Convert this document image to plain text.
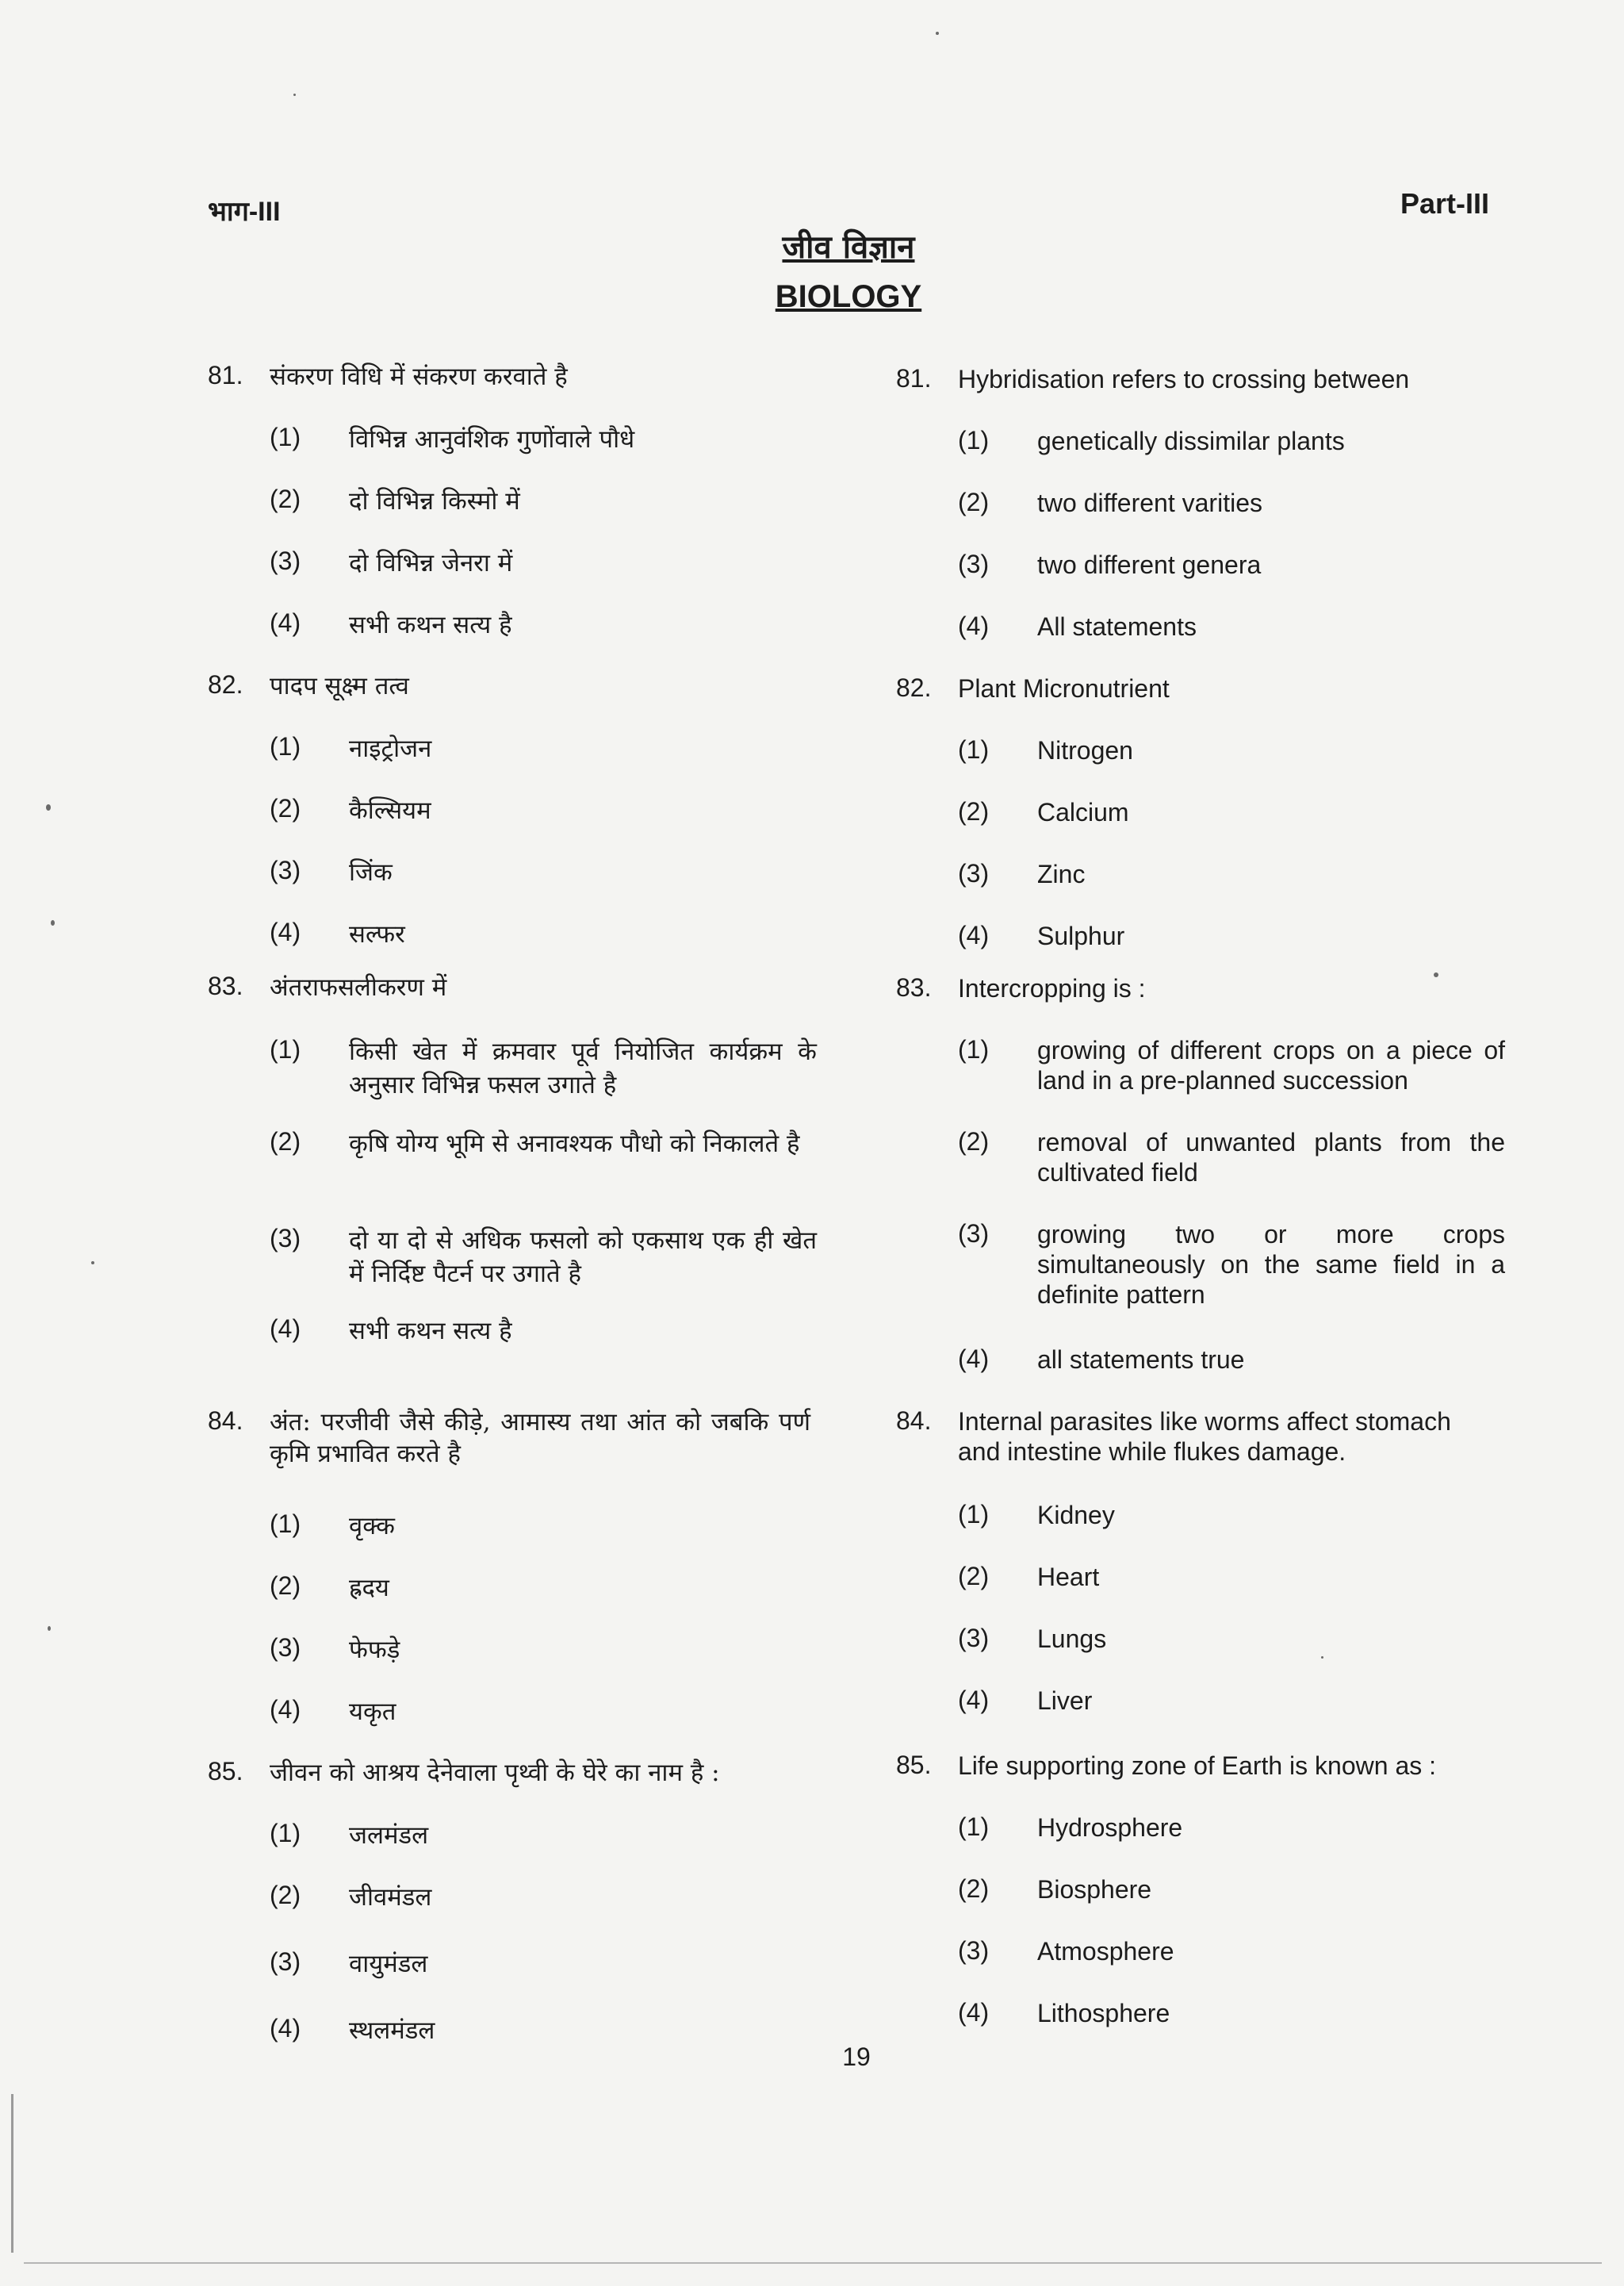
भाग-III	Part-III
जीव विज्ञान
BIOLOGY
81.	संकरण विधि में संकरण करवाते है
(1)	विभिन्न आनुवंशिक गुणोंवाले पौधे
(2)	दो विभिन्न किस्मो में
(3)	दो विभिन्न जेनरा में
(4)	सभी कथन सत्य है
82.	पादप सूक्ष्म तत्व
(1)	नाइट्रोजन
(2)	कैल्सियम
(3)	जिंक
(4)	सल्फर
83.	अंतराफसलीकरण में
(1)	किसी खेत में क्रमवार पूर्व नियोजित कार्यक्रम के अनुसार विभिन्न फसल उगाते है
(2)	कृषि योग्य भूमि से अनावश्यक पौधो को निकालते है
(3)	दो या दो से अधिक फसलो को एकसाथ एक ही खेत में निर्दिष्ट पैटर्न पर उगाते है
(4)	सभी कथन सत्य है
84.	अंत: परजीवी जैसे कीड़े, आमास्य तथा आंत को जबकि पर्ण कृमि प्रभावित करते है
(1)	वृक्क
(2)	ह्रदय
(3)	फेफड़े
(4)	यकृत
85.	जीवन को आश्रय देनेवाला पृथ्वी के घेरे का नाम है :
(1)	जलमंडल
(2)	जीवमंडल
(3)	वायुमंडल
(4)	स्थलमंडल
81.	Hybridisation refers to crossing between
(1)	genetically dissimilar plants
(2)	two different varities
(3)	two different genera
(4)	All statements
82.	Plant Micronutrient
(1)	Nitrogen
(2)	Calcium
(3)	Zinc
(4)	Sulphur
83.	Intercropping is :
(1)	growing of different crops on a piece of land in a pre-planned succession
(2)	removal of unwanted plants from the cultivated field
(3)	growing two or more crops simultaneously on the same field in a definite pattern
(4)	all statements true
84.	Internal parasites like worms affect stomach and intestine while flukes damage.
(1)	Kidney
(2)	Heart
(3)	Lungs
(4)	Liver
85.	Life supporting zone of Earth is known as :
(1)	Hydrosphere
(2)	Biosphere
(3)	Atmosphere
(4)	Lithosphere
19
